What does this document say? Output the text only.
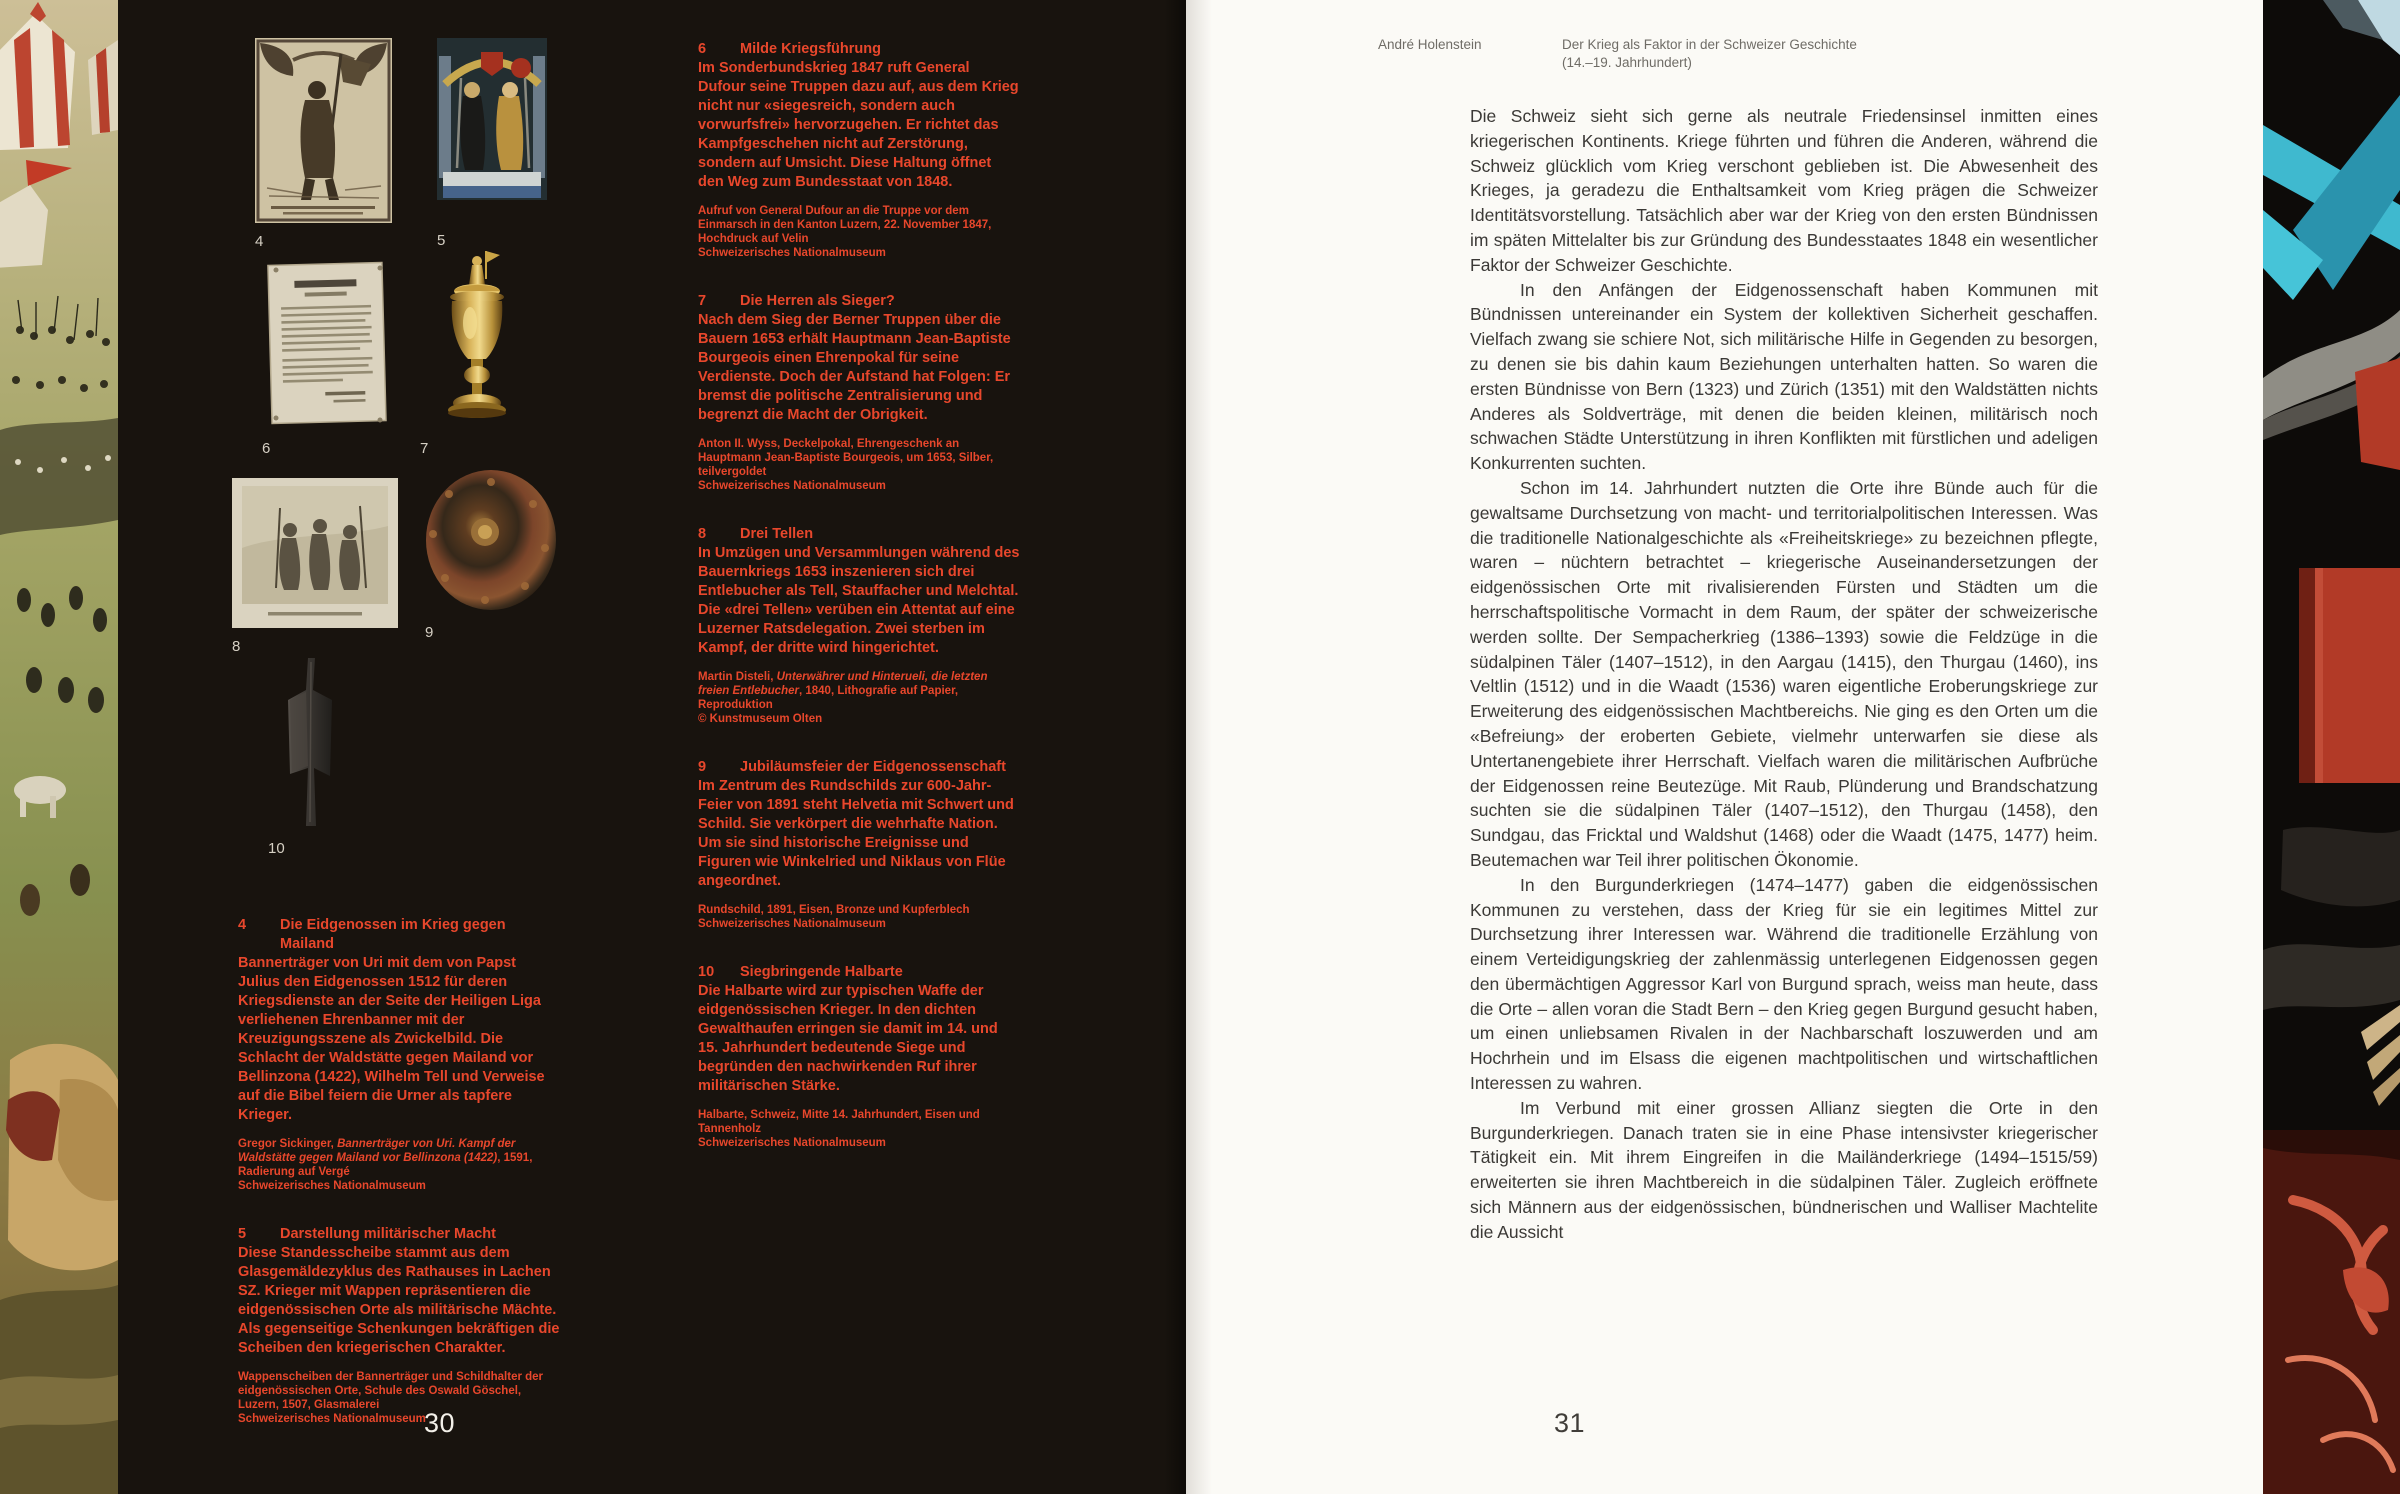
4	5
6	7
8
9
10
4	Die Eidgenossen im Krieg gegen Mailand

Bannerträger von Uri mit dem von Papst Julius den Eidgenossen 1512 für deren Kriegsdienste an der Seite der Heiligen Liga verliehenen Ehrenbanner mit der Kreuzigungsszene als Zwickelbild. Die Schlacht der Waldstätte gegen Mailand vor Bellinzona (1422), Wilhelm Tell und Verweise auf die Bibel feiern die Urner als tapfere Krieger.

Gregor Sickinger, Bannerträger von Uri. Kampf der Waldstätte gegen Mailand vor Bellinzona (1422), 1591, Radierung auf Vergé
Schweizerisches Nationalmuseum

5	Darstellung militärischer Macht

Diese Standesscheibe stammt aus dem Glasgemäldezyklus des Rathauses in Lachen SZ. Krieger mit Wappen repräsentieren die eidgenössischen Orte als militärische Mächte. Als gegenseitige Schenkungen bekräftigen die Scheiben den kriegerischen Charakter.

Wappenscheiben der Bannerträger und Schildhalter der eidgenössischen Orte, Schule des Oswald Göschel, Luzern, 1507, Glasmalerei
Schweizerisches Nationalmuseum

6	Milde Kriegsführung

Im Sonderbundskrieg 1847 ruft General Dufour seine Truppen dazu auf, aus dem Krieg nicht nur «siegesreich, sondern auch vorwurfsfrei» hervorzugehen. Er richtet das Kampfgeschehen nicht auf Zerstörung, sondern auf Umsicht. Diese Haltung öffnet den Weg zum Bundesstaat von 1848.

Aufruf von General Dufour an die Truppe vor dem Einmarsch in den Kanton Luzern, 22. November 1847, Hochdruck auf Velin
Schweizerisches Nationalmuseum

7	Die Herren als Sieger?

Nach dem Sieg der Berner Truppen über die Bauern 1653 erhält Hauptmann Jean-Baptiste Bourgeois einen Ehrenpokal für seine Verdienste. Doch der Aufstand hat Folgen: Er bremst die politische Zentralisierung und begrenzt die Macht der Obrigkeit.

Anton II. Wyss, Deckelpokal, Ehrengeschenk an Hauptmann Jean-Baptiste Bourgeois, um 1653, Silber, teilvergoldet
Schweizerisches Nationalmuseum

8	Drei Tellen

In Umzügen und Versammlungen während des Bauernkriegs 1653 inszenieren sich drei Entlebucher als Tell, Stauffacher und Melchtal. Die «drei Tellen» verüben ein Attentat auf eine Luzerner Ratsdelegation. Zwei sterben im Kampf, der dritte wird hingerichtet.

Martin Disteli, Unterwährer und Hinterueli, die letzten freien Entlebucher, 1840, Lithografie auf Papier, Reproduktion
© Kunstmuseum Olten

9	Jubiläumsfeier der Eidgenossenschaft

Im Zentrum des Rundschilds zur 600-Jahr-Feier von 1891 steht Helvetia mit Schwert und Schild. Sie verkörpert die wehrhafte Nation. Um sie sind historische Ereignisse und Figuren wie Winkelried und Niklaus von Flüe angeordnet.

Rundschild, 1891, Eisen, Bronze und Kupferblech
Schweizerisches Nationalmuseum

10	Siegbringende Halbarte

Die Halbarte wird zur typischen Waffe der eidgenössischen Krieger. In den dichten Gewalthaufen erringen sie damit im 14. und 15. Jahrhundert bedeutende Siege und begründen den nachwirkenden Ruf ihrer militärischen Stärke.

Halbarte, Schweiz, Mitte 14. Jahrhundert, Eisen und Tannenholz
Schweizerisches Nationalmuseum

30
André Holenstein	Der Krieg als Faktor in der Schweizer Geschichte
(14.–19. Jahrhundert)

Die Schweiz sieht sich gerne als neutrale Friedensinsel inmitten eines kriegerischen Kontinents. Kriege führten und führen die Anderen, während die Schweiz glücklich vom Krieg verschont geblieben ist. Die Abwesenheit des Krieges, ja geradezu die Enthaltsamkeit vom Krieg prägen die Schweizer Identitätsvorstellung. Tatsächlich aber war der Krieg von den ersten Bündnissen im späten Mittelalter bis zur Gründung des Bundesstaates 1848 ein wesentlicher Faktor der Schweizer Geschichte.

In den Anfängen der Eidgenossenschaft haben Kommunen mit Bündnissen untereinander ein System der kollektiven Sicherheit geschaffen. Vielfach zwang sie schiere Not, sich militärische Hilfe in Gegenden zu besorgen, zu denen sie bis dahin kaum Beziehungen unterhalten hatten. So waren die ersten Bündnisse von Bern (1323) und Zürich (1351) mit den Waldstätten nichts Anderes als Soldverträge, mit denen die beiden kleinen, militärisch noch schwachen Städte Unterstützung in ihren Konflikten mit fürstlichen und adeligen Konkurrenten suchten.

Schon im 14. Jahrhundert nutzten die Orte ihre Bünde auch für die gewaltsame Durchsetzung von macht- und territorialpolitischen Interessen. Was die traditionelle Nationalgeschichte als «Freiheitskriege» zu bezeichnen pflegte, waren – nüchtern betrachtet – kriegerische Auseinandersetzungen der eidgenössischen Orte mit rivalisierenden Fürsten und Städten um die herrschaftspolitische Vormacht in dem Raum, der später der schweizerische werden sollte. Der Sempacherkrieg (1386–1393) sowie die Feldzüge in die südalpinen Täler (1407–1512), in den Aargau (1415), den Thurgau (1460), ins Veltlin (1512) und in die Waadt (1536) waren eigentliche Eroberungskriege zur Erweiterung des eidgenössischen Machtbereichs. Nie ging es den Orten um die «Befreiung» der eroberten Gebiete, vielmehr unterwarfen sie diese als Untertanengebiete ihrer Herrschaft. Vielfach waren die militärischen Aufbrüche der Eidgenossen reine Beutezüge. Mit Raub, Plünderung und Brandschatzung suchten sie die südalpinen Täler (1407–1512), den Thurgau (1458), den Sundgau, das Fricktal und Waldshut (1468) oder die Waadt (1475, 1477) heim. Beutemachen war Teil ihrer politischen Ökonomie.

In den Burgunderkriegen (1474–1477) gaben die eidgenössischen Kommunen zu verstehen, dass der Krieg für sie ein legitimes Mittel zur Durchsetzung ihrer Interessen war. Während die traditionelle Erzählung von einem Verteidigungskrieg der zahlenmässig unterlegenen Eidgenossen gegen den übermächtigen Aggressor Karl von Burgund sprach, weiss man heute, dass die Orte – allen voran die Stadt Bern – den Krieg gegen Burgund gesucht haben, um einen unliebsamen Rivalen in der Nachbarschaft loszuwerden und am Hochrhein und im Elsass die eigenen machtpolitischen und wirtschaftlichen Interessen zu wahren.

Im Verbund mit einer grossen Allianz siegten die Orte in den Burgunderkriegen. Danach traten sie in eine Phase intensivster kriegerischer Tätigkeit ein. Mit ihrem Eingreifen in die Mailänderkriege (1494–1515/59) erweiterten sie ihren Machtbereich in die südalpinen Täler. Zugleich eröffnete sich Männern aus der eidgenössischen, bündnerischen und Walliser Machtelite die Aussicht

31
